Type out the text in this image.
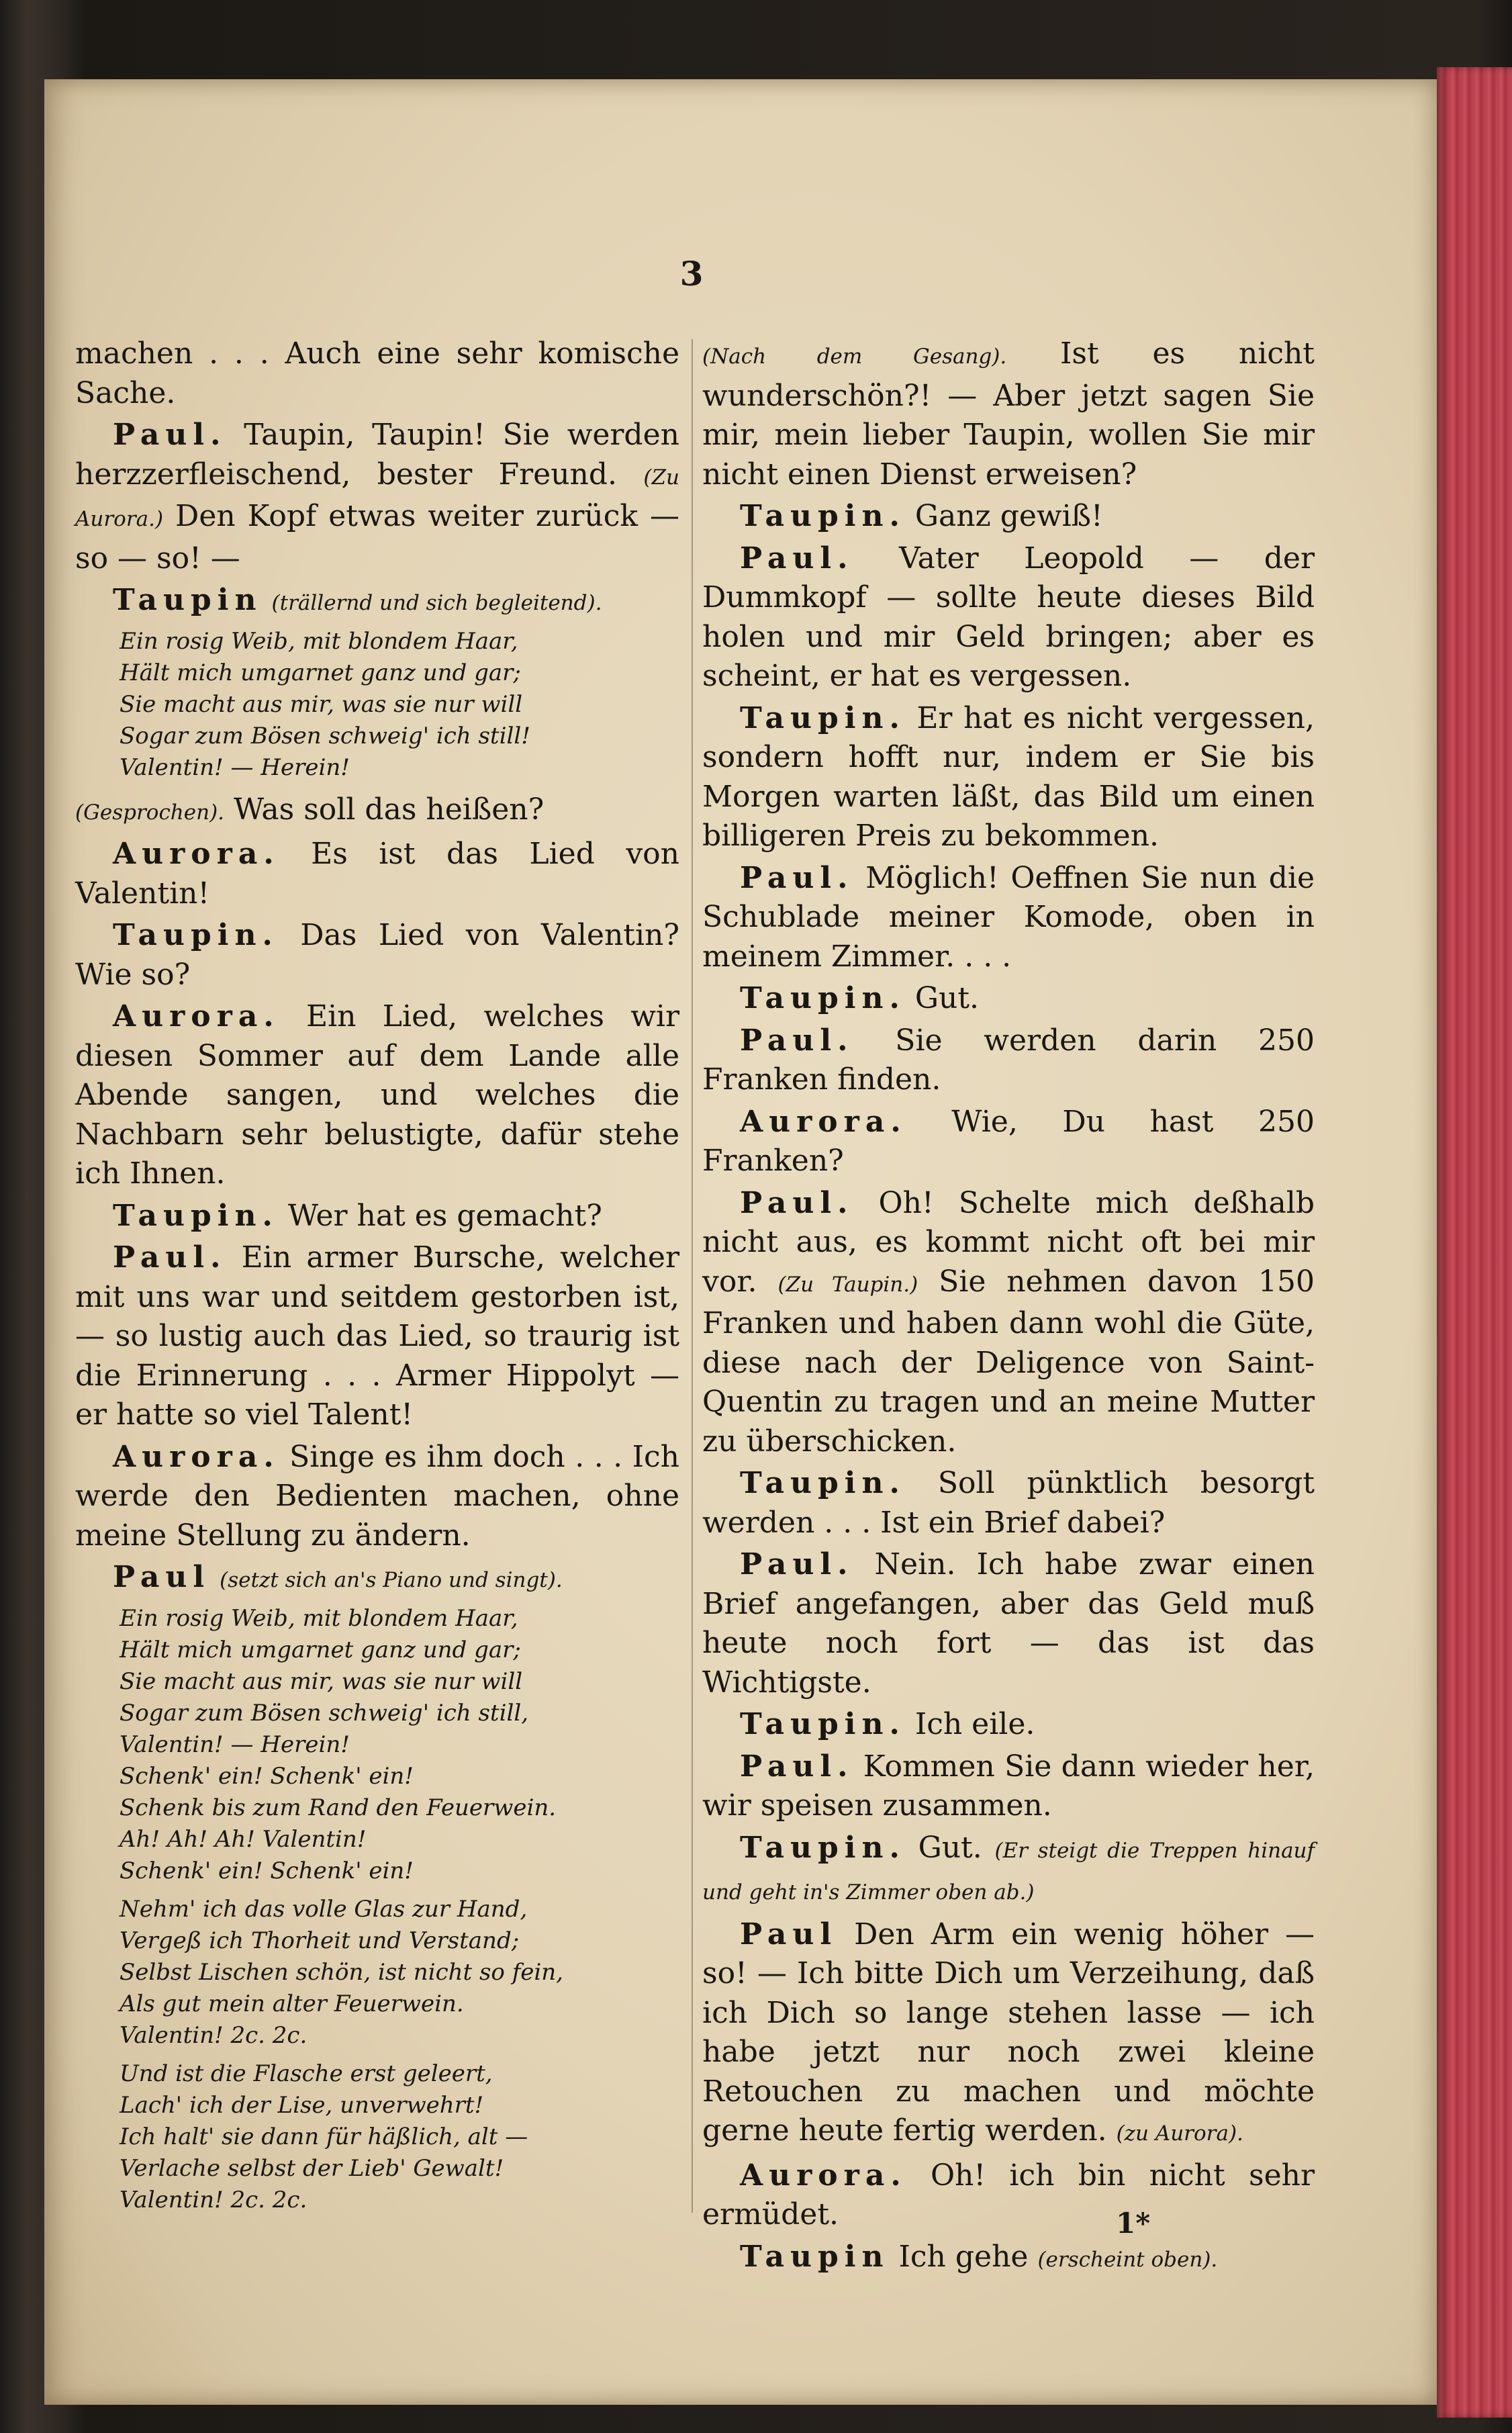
3

machen . . . Auch eine sehr komische Sache.

Paul. Taupin, Taupin! Sie werden herzzerfleischend, bester Freund. (Zu Aurora.) Den Kopf etwas weiter zurück — so — so! —

Taupin (trällernd und sich begleitend).

Ein rosig Weib, mit blondem Haar,
Hält mich umgarnet ganz und gar;
Sie macht aus mir, was sie nur will
Sogar zum Bösen schweig' ich still!
Valentin! — Herein!

(Gesprochen). Was soll das heißen?

Aurora. Es ist das Lied von Valentin!

Taupin. Das Lied von Valentin? Wie so?

Aurora. Ein Lied, welches wir diesen Sommer auf dem Lande alle Abende sangen, und welches die Nachbarn sehr belustigte, dafür stehe ich Ihnen.

Taupin. Wer hat es gemacht?

Paul. Ein armer Bursche, welcher mit uns war und seitdem gestorben ist, — so lustig auch das Lied, so traurig ist die Erinnerung . . . Armer Hippolyt — er hatte so viel Talent!

Aurora. Singe es ihm doch . . . Ich werde den Bedienten machen, ohne meine Stellung zu ändern.

Paul (setzt sich an's Piano und singt).

Ein rosig Weib, mit blondem Haar,
Hält mich umgarnet ganz und gar;
Sie macht aus mir, was sie nur will
Sogar zum Bösen schweig' ich still,
Valentin! — Herein!
Schenk' ein! Schenk' ein!
Schenk bis zum Rand den Feuerwein.
Ah! Ah! Ah! Valentin!
Schenk' ein! Schenk' ein!
Nehm' ich das volle Glas zur Hand,
Vergeß ich Thorheit und Verstand;
Selbst Lischen schön, ist nicht so fein,
Als gut mein alter Feuerwein.
Valentin! 2c. 2c.
Und ist die Flasche erst geleert,
Lach' ich der Lise, unverwehrt!
Ich halt' sie dann für häßlich, alt —
Verlache selbst der Lieb' Gewalt!
Valentin! 2c. 2c.

(Nach dem Gesang). Ist es nicht wunderschön?! — Aber jetzt sagen Sie mir, mein lieber Taupin, wollen Sie mir nicht einen Dienst erweisen?

Taupin. Ganz gewiß!

Paul. Vater Leopold — der Dummkopf — sollte heute dieses Bild holen und mir Geld bringen; aber es scheint, er hat es vergessen.

Taupin. Er hat es nicht vergessen, sondern hofft nur, indem er Sie bis Morgen warten läßt, das Bild um einen billigeren Preis zu bekommen.

Paul. Möglich! Oeffnen Sie nun die Schublade meiner Komode, oben in meinem Zimmer. . . .

Taupin. Gut.

Paul. Sie werden darin 250 Franken finden.

Aurora. Wie, Du hast 250 Franken?

Paul. Oh! Schelte mich deßhalb nicht aus, es kommt nicht oft bei mir vor. (Zu Taupin.) Sie nehmen davon 150 Franken und haben dann wohl die Güte, diese nach der Deligence von Saint-Quentin zu tragen und an meine Mutter zu überschicken.

Taupin. Soll pünktlich besorgt werden . . . Ist ein Brief dabei?

Paul. Nein. Ich habe zwar einen Brief angefangen, aber das Geld muß heute noch fort — das ist das Wichtigste.

Taupin. Ich eile.

Paul. Kommen Sie dann wieder her, wir speisen zusammen.

Taupin. Gut. (Er steigt die Treppen hinauf und geht in's Zimmer oben ab.)

Paul Den Arm ein wenig höher — so! — Ich bitte Dich um Verzeihung, daß ich Dich so lange stehen lasse — ich habe jetzt nur noch zwei kleine Retouchen zu machen und möchte gerne heute fertig werden. (zu Aurora).

Aurora. Oh! ich bin nicht sehr ermüdet.

Taupin Ich gehe (erscheint oben).

1*
